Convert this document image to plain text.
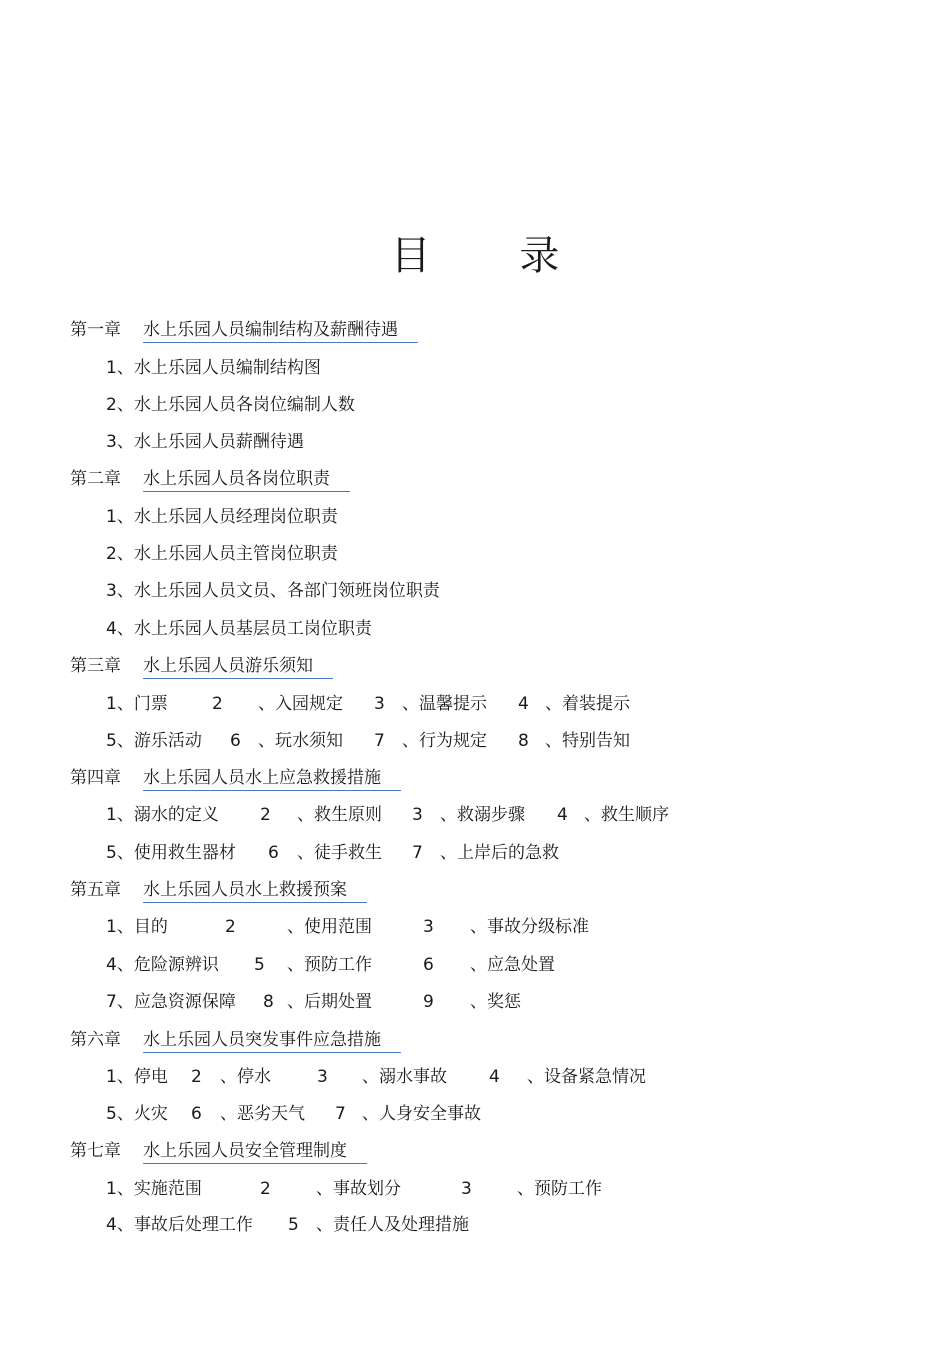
目 录
第一章 水上乐园人员编制结构及薪酬待遇
1、水上乐园人员编制结构图
2、水上乐园人员各岗位编制人数
3、水上乐园人员薪酬待遇
第二章 水上乐园人员各岗位职责
1、水上乐园人员经理岗位职责
2、水上乐园人员主管岗位职责
3、水上乐园人员文员、各部门领班岗位职责
4、水上乐园人员基层员工岗位职责
第三章 水上乐园人员游乐须知
1、门票	2 、入园规定 3 、温馨提示 4 、着装提示
5、游乐活动 6 、玩水须知 7 、行为规定 8 、特别告知
第四章 水上乐园人员水上应急救援措施
1、溺水的定义 2 、救生原则 3 、救溺步骤 4 、救生顺序
5、使用救生器材 6 、徒手救生 7 、上岸后的急救
第五章 水上乐园人员水上救援预案
1、目的	2	、使用范围	3 、事故分级标准
4、危险源辨识 5 、预防工作	6 、应急处置
7、应急资源保障 8 、后期处置	9 、奖惩
第六章 水上乐园人员突发事件应急措施
1、停电 2 、停水	3 、溺水事故 4 、设备紧急情况
5、火灾 6 、恶劣天气 7 、人身安全事故
第七章 水上乐园人员安全管理制度
1、实施范围	2	、事故划分	3	、预防工作
4、事故后处理工作 5 、责任人及处理措施
